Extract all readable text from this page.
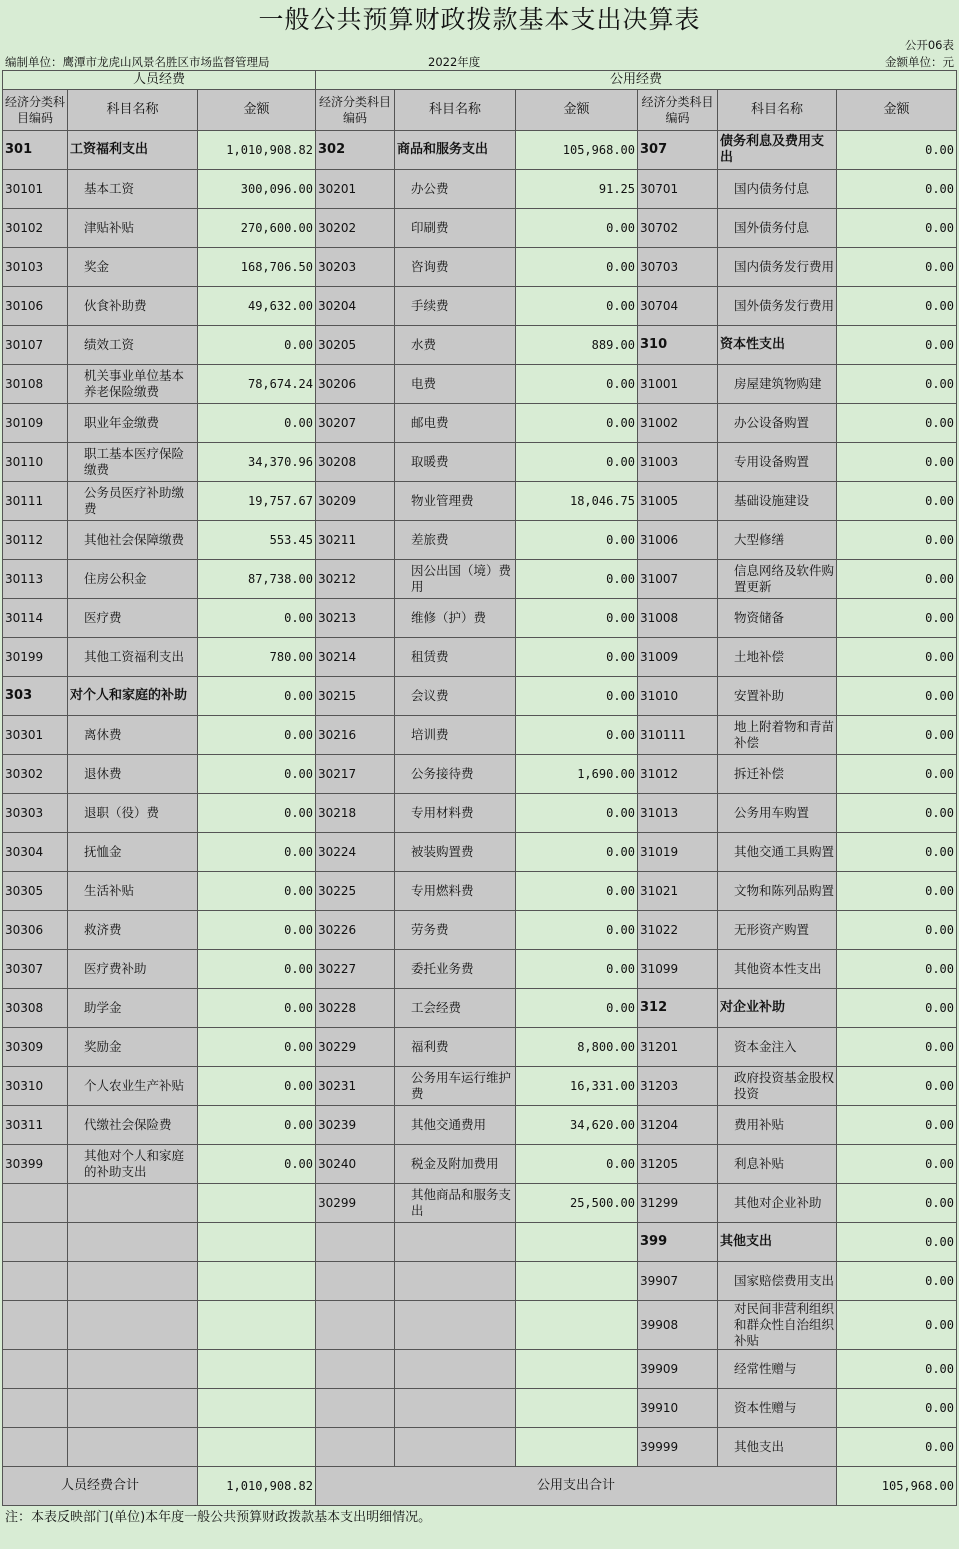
一般公共预算财政拨款基本支出决算表
公开06表
编制单位：鹰潭市龙虎山风景名胜区市场监督管理局	2022年度	金额单位：元
人员经费			公用经费					
经济分类科目编码	科目名称	金额	经济分类科目编码	科目名称	金额	经济分类科目编码	科目名称	金额
301	工资福利支出	1,010,908.82	302	商品和服务支出	105,968.00	307	债务利息及费用支出	0.00
30101	基本工资	300,096.00	30201	办公费	91.25	30701	国内债务付息	0.00
30102	津贴补贴	270,600.00	30202	印刷费	0.00	30702	国外债务付息	0.00
30103	奖金	168,706.50	30203	咨询费	0.00	30703	国内债务发行费用	0.00
30106	伙食补助费	49,632.00	30204	手续费	0.00	30704	国外债务发行费用	0.00
30107	绩效工资	0.00	30205	水费	889.00	310	资本性支出	0.00
30108	机关事业单位基本养老保险缴费	78,674.24	30206	电费	0.00	31001	房屋建筑物购建	0.00
30109	职业年金缴费	0.00	30207	邮电费	0.00	31002	办公设备购置	0.00
30110	职工基本医疗保险缴费	34,370.96	30208	取暖费	0.00	31003	专用设备购置	0.00
30111	公务员医疗补助缴费	19,757.67	30209	物业管理费	18,046.75	31005	基础设施建设	0.00
30112	其他社会保障缴费	553.45	30211	差旅费	0.00	31006	大型修缮	0.00
30113	住房公积金	87,738.00	30212	因公出国（境）费用	0.00	31007	信息网络及软件购置更新	0.00
30114	医疗费	0.00	30213	维修（护）费	0.00	31008	物资储备	0.00
30199	其他工资福利支出	780.00	30214	租赁费	0.00	31009	土地补偿	0.00
303	对个人和家庭的补助	0.00	30215	会议费	0.00	31010	安置补助	0.00
30301	离休费	0.00	30216	培训费	0.00	310111	地上附着物和青苗补偿	0.00
30302	退休费	0.00	30217	公务接待费	1,690.00	31012	拆迁补偿	0.00
30303	退职（役）费	0.00	30218	专用材料费	0.00	31013	公务用车购置	0.00
30304	抚恤金	0.00	30224	被装购置费	0.00	31019	其他交通工具购置	0.00
30305	生活补贴	0.00	30225	专用燃料费	0.00	31021	文物和陈列品购置	0.00
30306	救济费	0.00	30226	劳务费	0.00	31022	无形资产购置	0.00
30307	医疗费补助	0.00	30227	委托业务费	0.00	31099	其他资本性支出	0.00
30308	助学金	0.00	30228	工会经费	0.00	312	对企业补助	0.00
30309	奖励金	0.00	30229	福利费	8,800.00	31201	资本金注入	0.00
30310	个人农业生产补贴	0.00	30231	公务用车运行维护费	16,331.00	31203	政府投资基金股权投资	0.00
30311	代缴社会保险费	0.00	30239	其他交通费用	34,620.00	31204	费用补贴	0.00
30399	其他对个人和家庭的补助支出	0.00	30240	税金及附加费用	0.00	31205	利息补贴	0.00
			30299	其他商品和服务支出	25,500.00	31299	其他对企业补助	0.00
						399	其他支出	0.00
						39907	国家赔偿费用支出	0.00
						39908	对民间非营利组织和群众性自治组织补贴	0.00
						39909	经常性赠与	0.00
						39910	资本性赠与	0.00
						39999	其他支出	0.00
人员经费合计		1,010,908.82	公用支出合计					105,968.00
注：本表反映部门(单位)本年度一般公共预算财政拨款基本支出明细情况。
